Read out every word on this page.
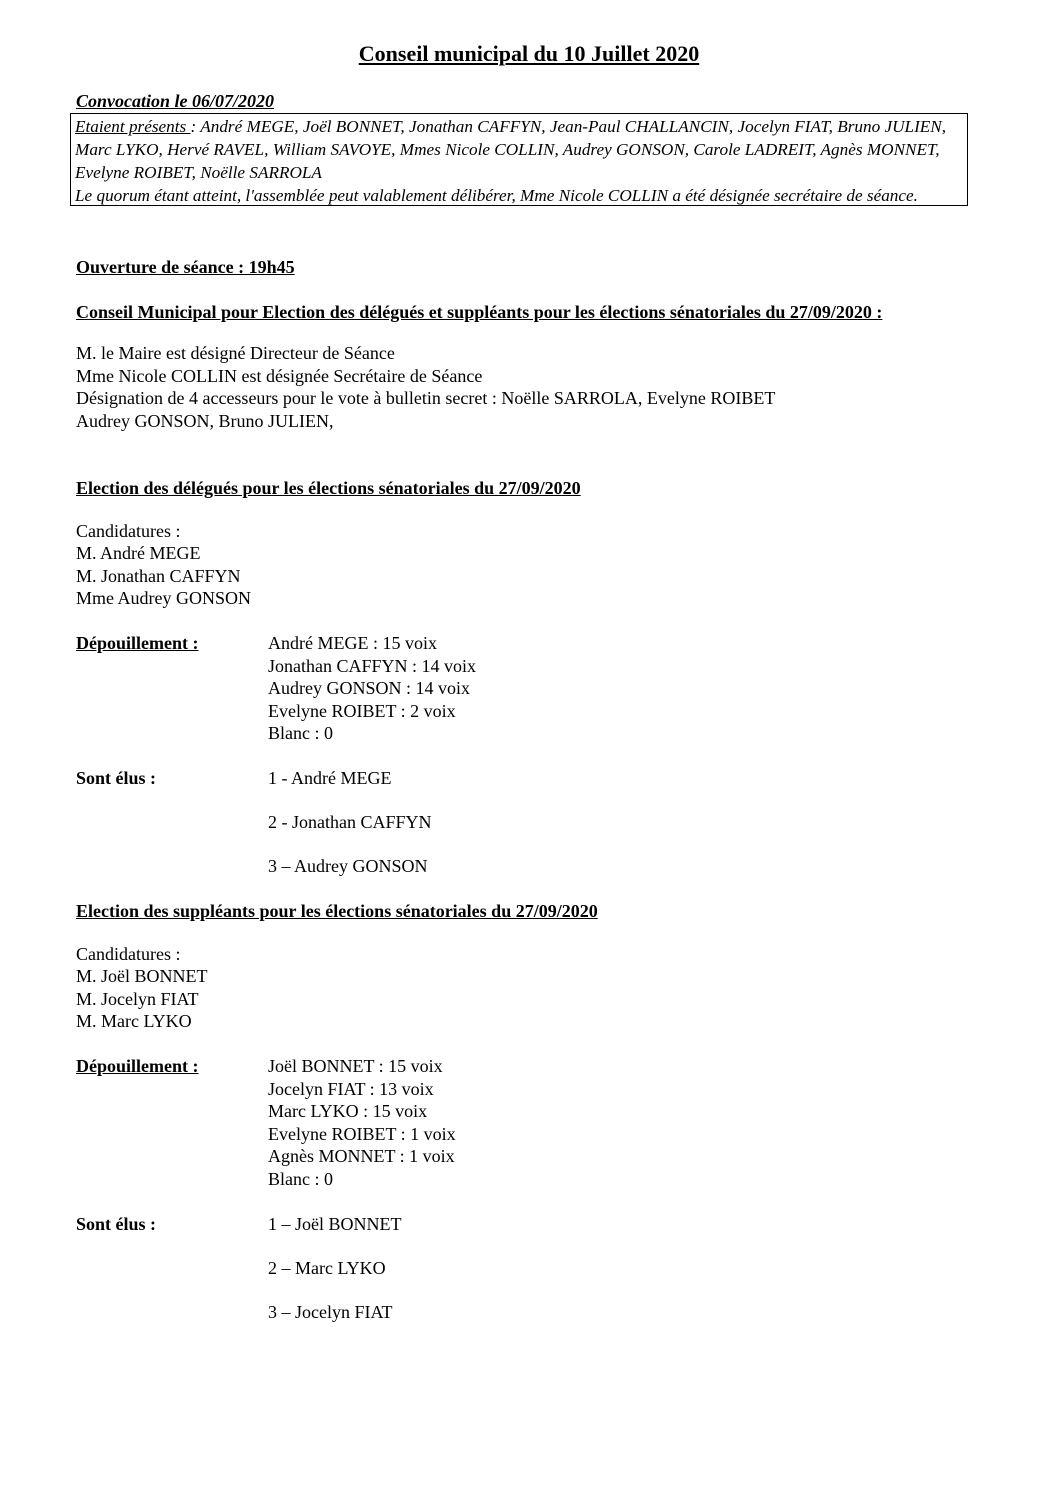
Conseil municipal du 10 Juillet 2020
Convocation le 06/07/2020
Etaient présents : André MEGE, Joël BONNET, Jonathan CAFFYN, Jean-Paul CHALLANCIN, Jocelyn FIAT, Bruno JULIEN,
Marc LYKO, Hervé RAVEL, William SAVOYE, Mmes Nicole COLLIN, Audrey GONSON, Carole LADREIT, Agnès MONNET,
Evelyne ROIBET, Noëlle SARROLA
Le quorum étant atteint, l'assemblée peut valablement délibérer, Mme Nicole COLLIN a été désignée secrétaire de séance.
Ouverture de séance : 19h45
Conseil Municipal pour Election des délégués et suppléants pour les élections sénatoriales du 27/09/2020 :
M. le Maire est désigné Directeur de Séance
Mme Nicole COLLIN est désignée Secrétaire de Séance
Désignation de 4 accesseurs pour le vote à bulletin secret : Noëlle SARROLA, Evelyne ROIBET
Audrey GONSON, Bruno JULIEN,
Election des délégués pour les élections sénatoriales du 27/09/2020
Candidatures :
M. André MEGE
M. Jonathan CAFFYN
Mme Audrey GONSON
Dépouillement :	André MEGE : 15 voix
Jonathan CAFFYN : 14 voix
Audrey GONSON : 14 voix
Evelyne ROIBET : 2 voix
Blanc : 0
Sont élus :	1 - André MEGE
2 - Jonathan CAFFYN
3 – Audrey GONSON
Election des suppléants pour les élections sénatoriales du 27/09/2020
Candidatures :
M. Joël BONNET
M. Jocelyn FIAT
M. Marc LYKO
Dépouillement :	Joël BONNET : 15 voix
Jocelyn FIAT : 13 voix
Marc LYKO : 15 voix
Evelyne ROIBET : 1 voix
Agnès MONNET : 1 voix
Blanc : 0
Sont élus :	1 – Joël BONNET
2 – Marc LYKO
3 – Jocelyn FIAT
